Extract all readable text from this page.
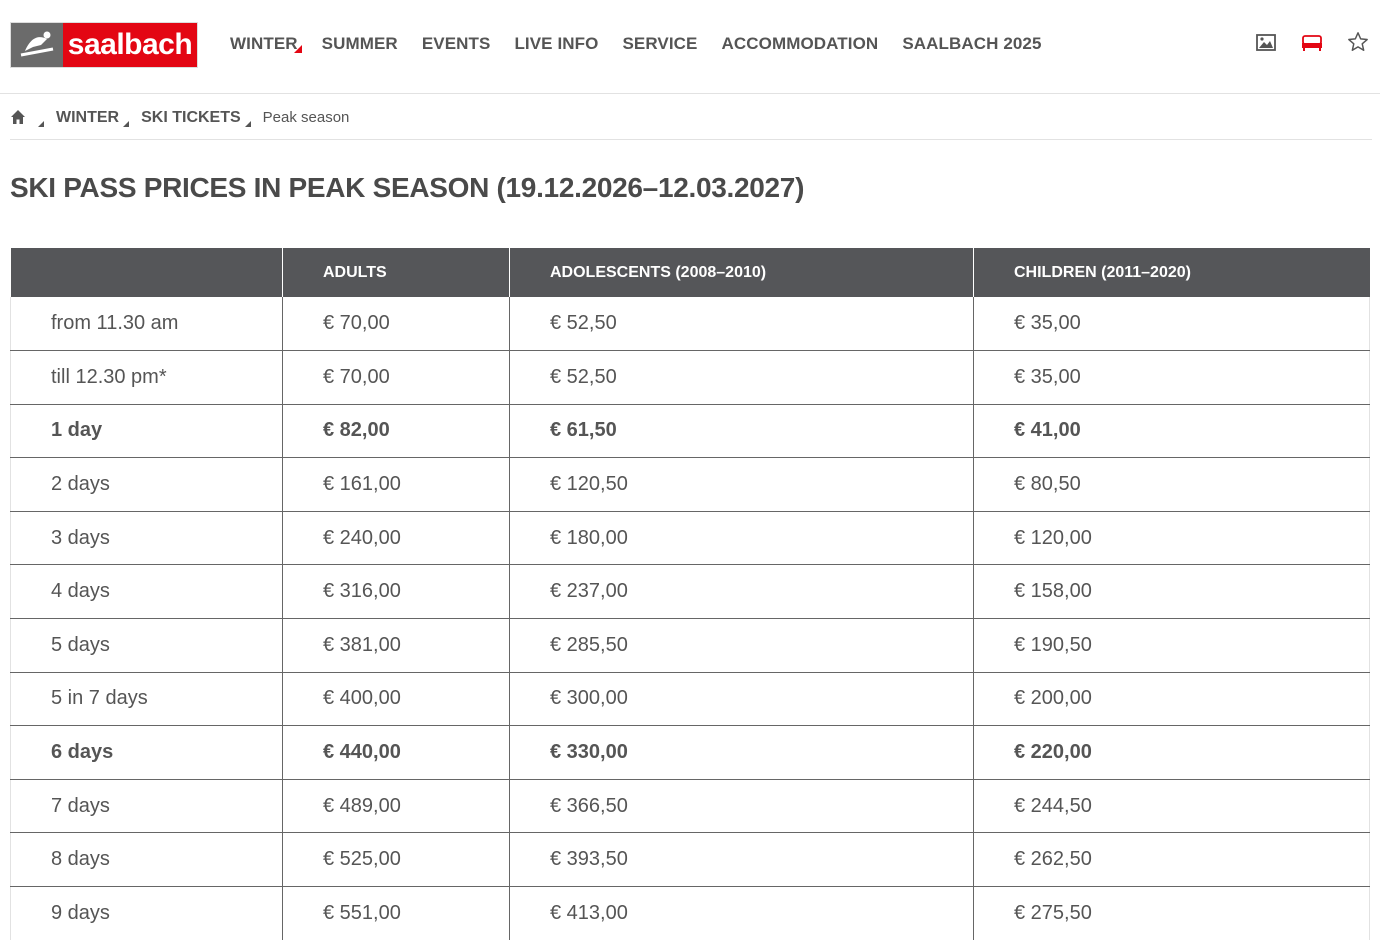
saalbach WINTER SUMMER EVENTS LIVE INFO SERVICE ACCOMMODATION SAALBACH 2025
WINTER SKI TICKETS Peak season
SKI PASS PRICES IN PEAK SEASON (19.12.2026–12.03.2027)
	ADULTS	ADOLESCENTS (2008–2010)	CHILDREN (2011–2020)
from 11.30 am	€ 70,00	€ 52,50	€ 35,00
till 12.30 pm*	€ 70,00	€ 52,50	€ 35,00
1 day	€ 82,00	€ 61,50	€ 41,00
2 days	€ 161,00	€ 120,50	€ 80,50
3 days	€ 240,00	€ 180,00	€ 120,00
4 days	€ 316,00	€ 237,00	€ 158,00
5 days	€ 381,00	€ 285,50	€ 190,50
5 in 7 days	€ 400,00	€ 300,00	€ 200,00
6 days	€ 440,00	€ 330,00	€ 220,00
7 days	€ 489,00	€ 366,50	€ 244,50
8 days	€ 525,00	€ 393,50	€ 262,50
9 days	€ 551,00	€ 413,00	€ 275,50
